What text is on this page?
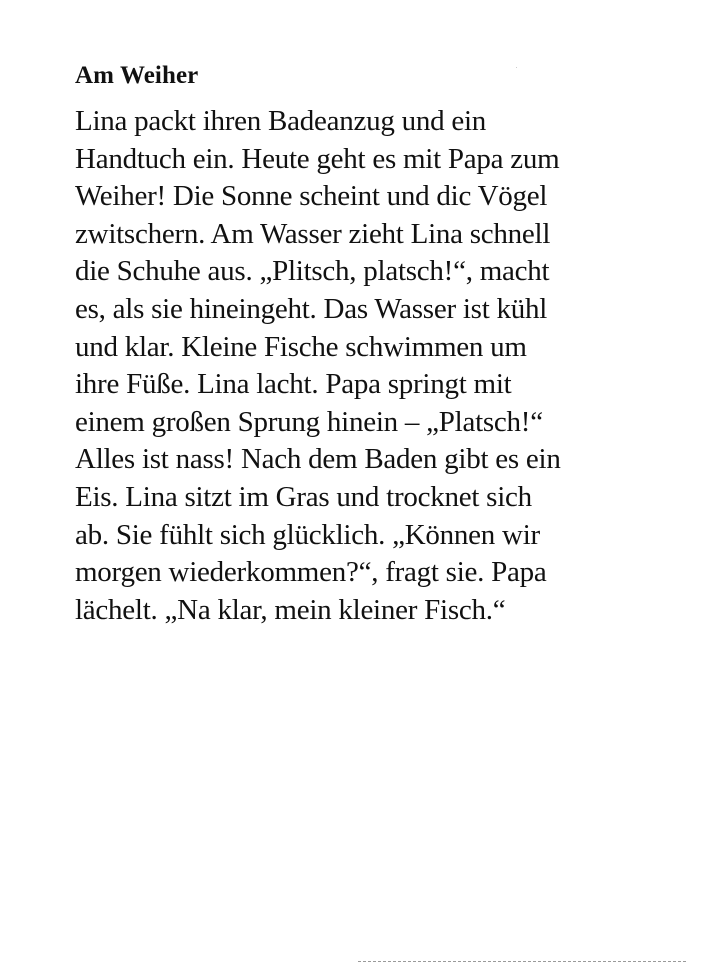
Am Weiher

Lina packt ihren Badeanzug und ein
Handtuch ein. Heute geht es mit Papa zum
Weiher! Die Sonne scheint und dic Vögel
zwitschern. Am Wasser zieht Lina schnell
die Schuhe aus. „Plitsch, platsch!“, macht
es, als sie hineingeht. Das Wasser ist kühl
und klar. Kleine Fische schwimmen um
ihre Füße. Lina lacht. Papa springt mit
einem großen Sprung hinein – „Platsch!“
Alles ist nass! Nach dem Baden gibt es ein
Eis. Lina sitzt im Gras und trocknet sich
ab. Sie fühlt sich glücklich. „Können wir
morgen wiederkommen?“, fragt sie. Papa
lächelt. „Na klar, mein kleiner Fisch.“
